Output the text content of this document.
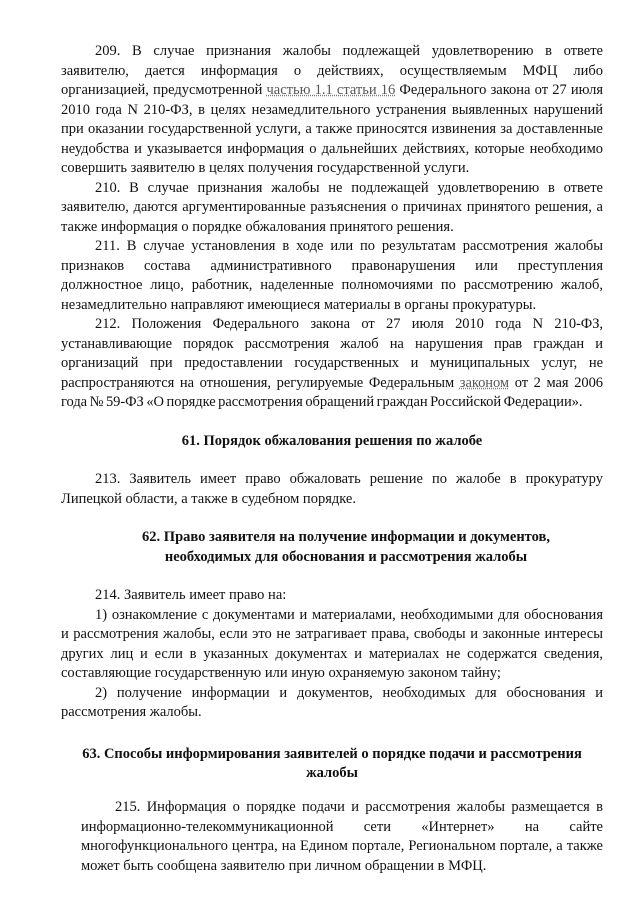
209. В случае признания жалобы подлежащей удовлетворению в ответе заявителю, дается информация о действиях, осуществляемым МФЦ либо организацией, предусмотренной частью 1.1 статьи 16 Федерального закона от 27 июля 2010 года N 210-ФЗ, в целях незамедлительного устранения выявленных нарушений при оказании государственной услуги, а также приносятся извинения за доставленные неудобства и указывается информация о дальнейших действиях, которые необходимо совершить заявителю в целях получения государственной услуги.

210. В случае признания жалобы не подлежащей удовлетворению в ответе заявителю, даются аргументированные разъяснения о причинах принятого решения, а также информация о порядке обжалования принятого решения.

211. В случае установления в ходе или по результатам рассмотрения жалобы признаков состава административного правонарушения или преступления должностное лицо, работник, наделенные полномочиями по рассмотрению жалоб, незамедлительно направляют имеющиеся материалы в органы прокуратуры.

212. Положения Федерального закона от 27 июля 2010 года N 210-ФЗ, устанавливающие порядок рассмотрения жалоб на нарушения прав граждан и организаций при предоставлении государственных и муниципальных услуг, не распространяются на отношения, регулируемые Федеральным законом от 2 мая 2006 года № 59-ФЗ «О порядке рассмотрения обращений граждан Российской Федерации».

61. Порядок обжалования решения по жалобе

213. Заявитель имеет право обжаловать решение по жалобе в прокуратуру Липецкой области, а также в судебном порядке.

62. Право заявителя на получение информации и документов,
необходимых для обоснования и рассмотрения жалобы

214. Заявитель имеет право на:

1) ознакомление с документами и материалами, необходимыми для обоснования и рассмотрения жалобы, если это не затрагивает права, свободы и законные интересы других лиц и если в указанных документах и материалах не содержатся сведения, составляющие государственную или иную охраняемую законом тайну;

2) получение информации и документов, необходимых для обоснования и рассмотрения жалобы.

63. Способы информирования заявителей о порядке подачи и рассмотрения
жалобы

215. Информация о порядке подачи и рассмотрения жалобы размещается в информационно-телекоммуникационной сети «Интернет» на сайте многофункционального центра, на Едином портале, Региональном портале, а также может быть сообщена заявителю при личном обращении в МФЦ.
